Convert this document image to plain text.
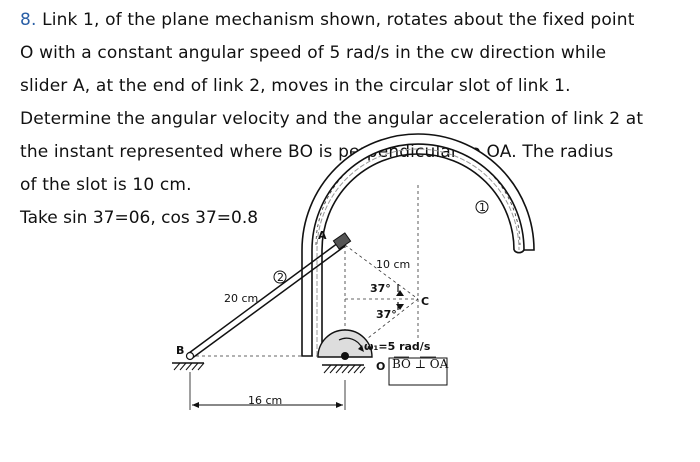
8. Link 1, of the plane mechanism shown, rotates about the fixed point
O with a constant angular speed of 5 rad/s in the cw direction while
slider A, at the end of link 2, moves in the circular slot of link 1.
Determine the angular velocity and the angular acceleration of link 2 at
the instant represented where BO is perpendicular to OA. The radius
of the slot is 10 cm.
Take sin 37=06, cos 37=0.8
1
2
A
B
C
O
20 cm
16 cm
10 cm
37°
37°
ω₁=5 rad/s
BO ⊥ OA
